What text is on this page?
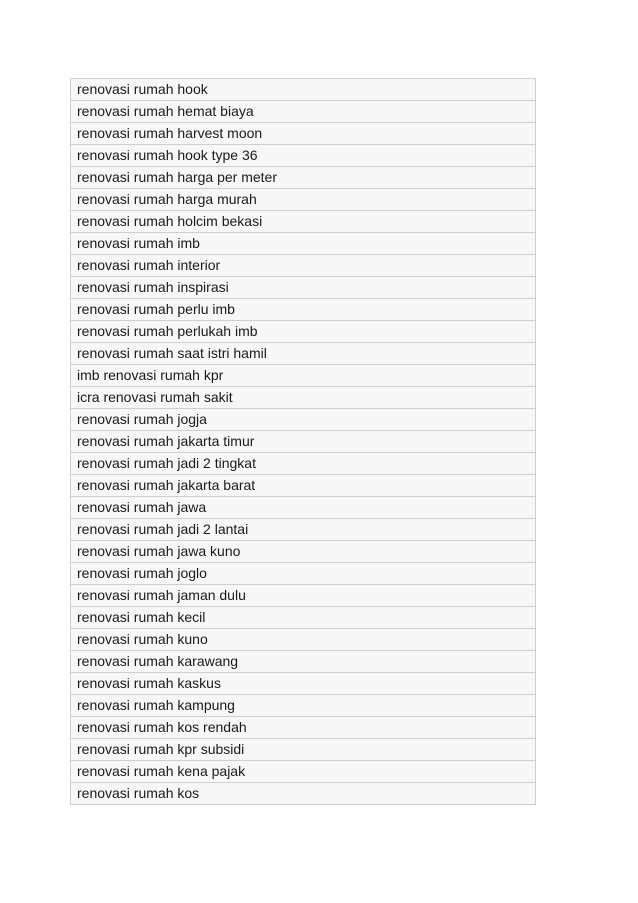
renovasi rumah hook
renovasi rumah hemat biaya
renovasi rumah harvest moon
renovasi rumah hook type 36
renovasi rumah harga per meter
renovasi rumah harga murah
renovasi rumah holcim bekasi
renovasi rumah imb
renovasi rumah interior
renovasi rumah inspirasi
renovasi rumah perlu imb
renovasi rumah perlukah imb
renovasi rumah saat istri hamil
imb renovasi rumah kpr
icra renovasi rumah sakit
renovasi rumah jogja
renovasi rumah jakarta timur
renovasi rumah jadi 2 tingkat
renovasi rumah jakarta barat
renovasi rumah jawa
renovasi rumah jadi 2 lantai
renovasi rumah jawa kuno
renovasi rumah joglo
renovasi rumah jaman dulu
renovasi rumah kecil
renovasi rumah kuno
renovasi rumah karawang
renovasi rumah kaskus
renovasi rumah kampung
renovasi rumah kos rendah
renovasi rumah kpr subsidi
renovasi rumah kena pajak
renovasi rumah kos
